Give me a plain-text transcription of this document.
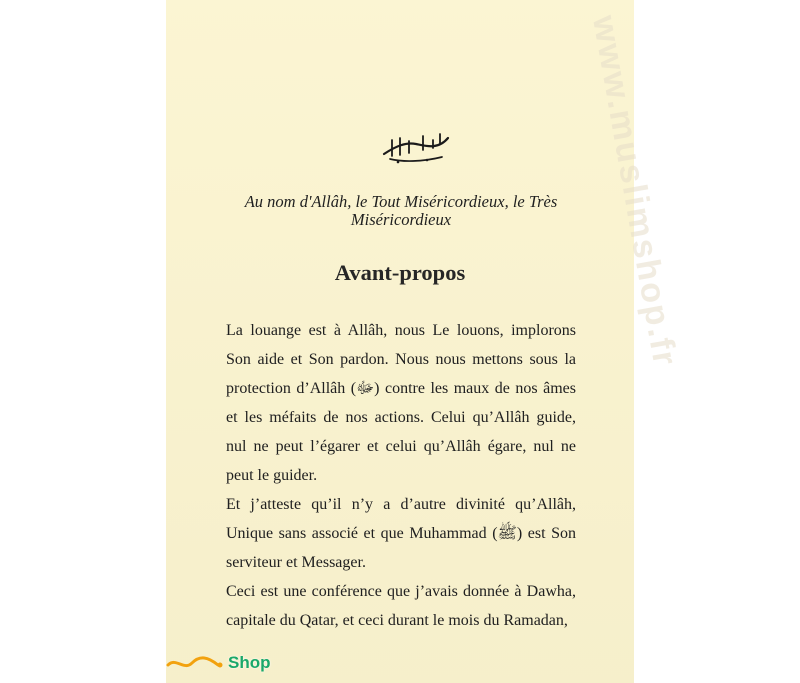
www.muslimshop.fr
Au nom d'Allâh, le Tout Miséricordieux, le Très Miséricordieux
Avant-propos

La louange est à Allâh, nous Le louons, implorons Son aide et Son pardon. Nous nous mettons sous la protection d’Allâh (ﷻ) contre les maux de nos âmes et les méfaits de nos actions. Celui qu’Allâh guide, nul ne peut l’égarer et celui qu’Allâh égare, nul ne peut le guider.

Et j’atteste qu’il n’y a d’autre divinité qu’Allâh, Unique sans associé et que Muhammad (ﷺ) est Son serviteur et Messager.

Ceci est une conférence que j’avais donnée à Dawha, capitale du Qatar, et ceci durant le mois du Ramadan,

Shop
